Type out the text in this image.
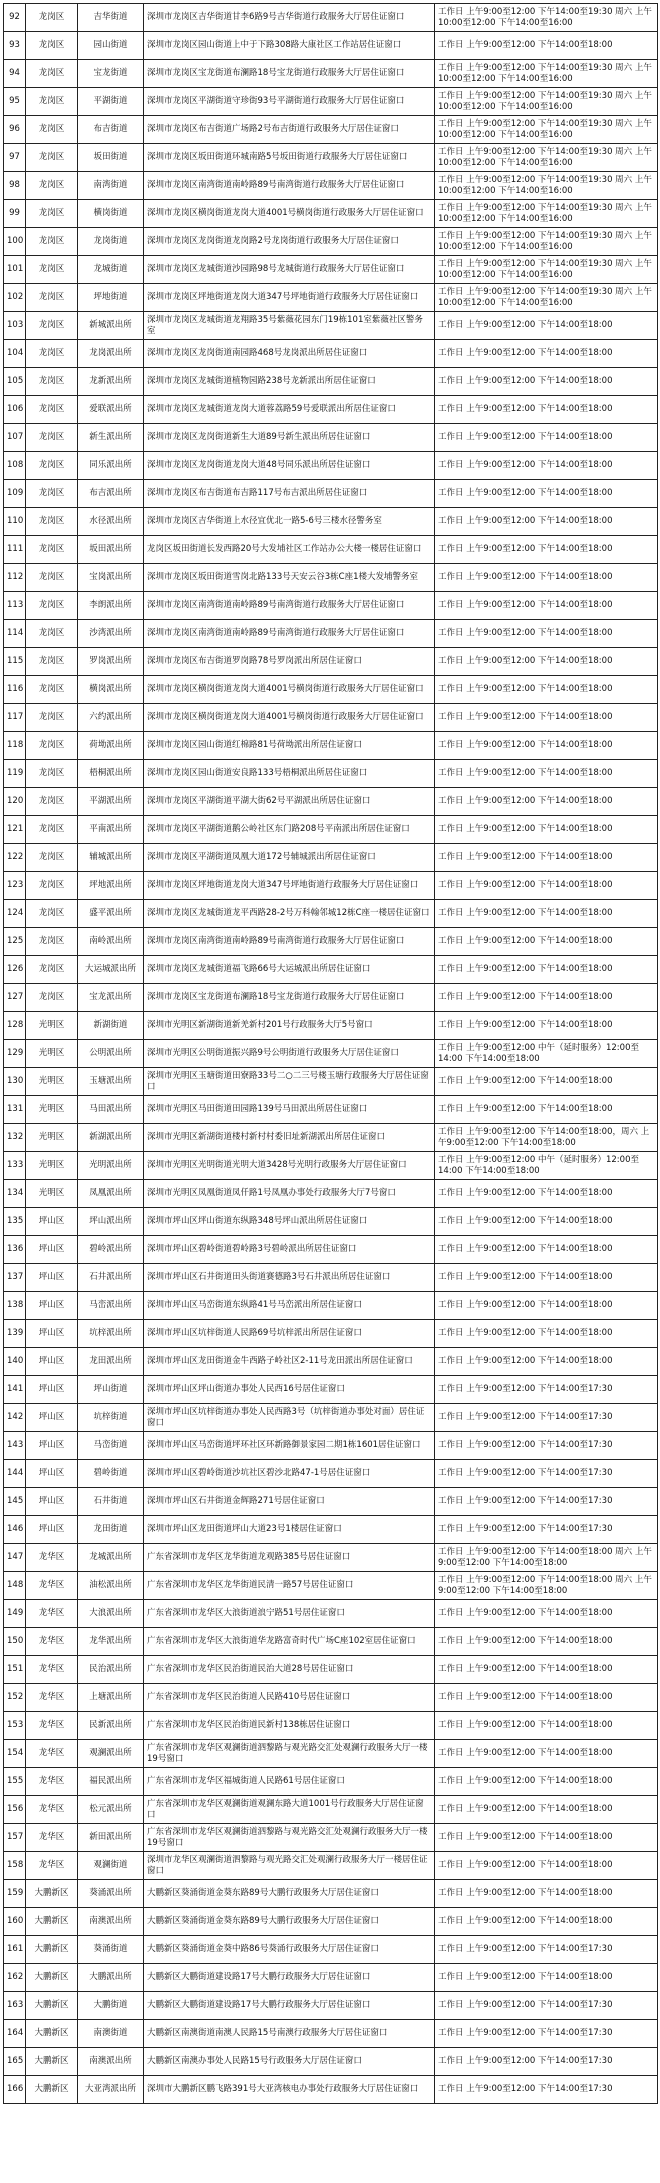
92	龙岗区	吉华街道	深圳市龙岗区吉华街道甘李6路9号吉华街道行政服务大厅居住证窗口	工作日 上午9:00至12:00 下午14:00至19:30 周六 上午10:00至12:00 下午14:00至16:00
93	龙岗区	园山街道	深圳市龙岗区园山街道上中于下路308路大康社区工作站居住证窗口	工作日 上午9:00至12:00 下午14:00至18:00
94	龙岗区	宝龙街道	深圳市龙岗区宝龙街道布澜路18号宝龙街道行政服务大厅居住证窗口	工作日 上午9:00至12:00 下午14:00至19:30 周六 上午10:00至12:00 下午14:00至16:00
95	龙岗区	平湖街道	深圳市龙岗区平湖街道守珍街93号平湖街道行政服务大厅居住证窗口	工作日 上午9:00至12:00 下午14:00至19:30 周六 上午10:00至12:00 下午14:00至16:00
96	龙岗区	布吉街道	深圳市龙岗区布吉街道广场路2号布吉街道行政服务大厅居住证窗口	工作日 上午9:00至12:00 下午14:00至19:30 周六 上午10:00至12:00 下午14:00至16:00
97	龙岗区	坂田街道	深圳市龙岗区坂田街道环城南路5号坂田街道行政服务大厅居住证窗口	工作日 上午9:00至12:00 下午14:00至19:30 周六 上午10:00至12:00 下午14:00至16:00
98	龙岗区	南湾街道	深圳市龙岗区南湾街道南岭路89号南湾街道行政服务大厅居住证窗口	工作日 上午9:00至12:00 下午14:00至19:30 周六 上午10:00至12:00 下午14:00至16:00
99	龙岗区	横岗街道	深圳市龙岗区横岗街道龙岗大道4001号横岗街道行政服务大厅居住证窗口	工作日 上午9:00至12:00 下午14:00至19:30 周六 上午10:00至12:00 下午14:00至16:00
100	龙岗区	龙岗街道	深圳市龙岗区龙岗街道龙岗路2号龙岗街道行政服务大厅居住证窗口	工作日 上午9:00至12:00 下午14:00至19:30 周六 上午10:00至12:00 下午14:00至16:00
101	龙岗区	龙城街道	深圳市龙岗区龙城街道沙园路98号龙城街道行政服务大厅居住证窗口	工作日 上午9:00至12:00 下午14:00至19:30 周六 上午10:00至12:00 下午14:00至16:00
102	龙岗区	坪地街道	深圳市龙岗区坪地街道龙岗大道347号坪地街道行政服务大厅居住证窗口	工作日 上午9:00至12:00 下午14:00至19:30 周六 上午10:00至12:00 下午14:00至16:00
103	龙岗区	新城派出所	深圳市龙岗区龙城街道龙翔路35号紫薇花园东门19栋101室紫薇社区警务室	工作日 上午9:00至12:00 下午14:00至18:00
104	龙岗区	龙岗派出所	深圳市龙岗区龙岗街道南园路468号龙岗派出所居住证窗口	工作日 上午9:00至12:00 下午14:00至18:00
105	龙岗区	龙新派出所	深圳市龙岗区龙城街道植物园路238号龙新派出所居住证窗口	工作日 上午9:00至12:00 下午14:00至18:00
106	龙岗区	爱联派出所	深圳市龙岗区龙城街道龙岗大道蓉荔路59号爱联派出所居住证窗口	工作日 上午9:00至12:00 下午14:00至18:00
107	龙岗区	新生派出所	深圳市龙岗区龙岗街道新生大道89号新生派出所居住证窗口	工作日 上午9:00至12:00 下午14:00至18:00
108	龙岗区	同乐派出所	深圳市龙岗区龙岗街道龙岗大道48号同乐派出所居住证窗口	工作日 上午9:00至12:00 下午14:00至18:00
109	龙岗区	布吉派出所	深圳市龙岗区布吉街道布吉路117号布吉派出所居住证窗口	工作日 上午9:00至12:00 下午14:00至18:00
110	龙岗区	水径派出所	深圳市龙岗区吉华街道上水径宜优北一路5-6号三楼水径警务室	工作日 上午9:00至12:00 下午14:00至18:00
111	龙岗区	坂田派出所	龙岗区坂田街道长发西路20号大发埔社区工作站办公大楼一楼居住证窗口	工作日 上午9:00至12:00 下午14:00至18:00
112	龙岗区	宝岗派出所	深圳市龙岗区坂田街道雪岗北路133号天安云谷3栋C座1楼大发埔警务室	工作日 上午9:00至12:00 下午14:00至18:00
113	龙岗区	李朗派出所	深圳市龙岗区南湾街道南岭路89号南湾街道行政服务大厅居住证窗口	工作日 上午9:00至12:00 下午14:00至18:00
114	龙岗区	沙湾派出所	深圳市龙岗区南湾街道南岭路89号南湾街道行政服务大厅居住证窗口	工作日 上午9:00至12:00 下午14:00至18:00
115	龙岗区	罗岗派出所	深圳市龙岗区布吉街道罗岗路78号罗岗派出所居住证窗口	工作日 上午9:00至12:00 下午14:00至18:00
116	龙岗区	横岗派出所	深圳市龙岗区横岗街道龙岗大道4001号横岗街道行政服务大厅居住证窗口	工作日 上午9:00至12:00 下午14:00至18:00
117	龙岗区	六约派出所	深圳市龙岗区横岗街道龙岗大道4001号横岗街道行政服务大厅居住证窗口	工作日 上午9:00至12:00 下午14:00至18:00
118	龙岗区	荷坳派出所	深圳市龙岗区园山街道红棉路81号荷坳派出所居住证窗口	工作日 上午9:00至12:00 下午14:00至18:00
119	龙岗区	梧桐派出所	深圳市龙岗区园山街道安良路133号梧桐派出所居住证窗口	工作日 上午9:00至12:00 下午14:00至18:00
120	龙岗区	平湖派出所	深圳市龙岗区平湖街道平湖大街62号平湖派出所居住证窗口	工作日 上午9:00至12:00 下午14:00至18:00
121	龙岗区	平南派出所	深圳市龙岗区平湖街道鹅公岭社区东门路208号平南派出所居住证窗口	工作日 上午9:00至12:00 下午14:00至18:00
122	龙岗区	辅城派出所	深圳市龙岗区平湖街道凤凰大道172号辅城派出所居住证窗口	工作日 上午9:00至12:00 下午14:00至18:00
123	龙岗区	坪地派出所	深圳市龙岗区坪地街道龙岗大道347号坪地街道行政服务大厅居住证窗口	工作日 上午9:00至12:00 下午14:00至18:00
124	龙岗区	盛平派出所	深圳市龙岗区龙城街道龙平西路28-2号万科翰邻城12栋C座一楼居住证窗口	工作日 上午9:00至12:00 下午14:00至18:00
125	龙岗区	南岭派出所	深圳市龙岗区南湾街道南岭路89号南湾街道行政服务大厅居住证窗口	工作日 上午9:00至12:00 下午14:00至18:00
126	龙岗区	大运城派出所	深圳市龙岗区龙城街道福飞路66号大运城派出所居住证窗口	工作日 上午9:00至12:00 下午14:00至18:00
127	龙岗区	宝龙派出所	深圳市龙岗区宝龙街道布澜路18号宝龙街道行政服务大厅居住证窗口	工作日 上午9:00至12:00 下午14:00至18:00
128	光明区	新湖街道	深圳市光明区新湖街道新羌新村201号行政服务大厅5号窗口	工作日 上午9:00至12:00 下午14:00至18:00
129	光明区	公明派出所	深圳市光明区公明街道振兴路9号公明街道行政服务大厅居住证窗口	工作日 上午9:00至12:00 中午（延时服务）12:00至14:00 下午14:00至18:00
130	光明区	玉塘派出所	深圳市光明区玉塘街道田寮路33号二○二三号楼玉塘行政服务大厅居住证窗口	工作日 上午9:00至12:00 下午14:00至18:00
131	光明区	马田派出所	深圳市光明区马田街道田园路139号马田派出所居住证窗口	工作日 上午9:00至12:00 下午14:00至18:00
132	光明区	新湖派出所	深圳市光明区新湖街道楼村新村村委旧址新湖派出所居住证窗口	工作日 上午9:00至12:00 下午14:00至18:00，周六 上午9:00至12:00 下午14:00至18:00
133	光明区	光明派出所	深圳市光明区光明街道光明大道3428号光明行政服务大厅居住证窗口	工作日 上午9:00至12:00 中午（延时服务）12:00至14:00 下午14:00至18:00
134	光明区	凤凰派出所	深圳市光明区凤凰街道凤仟路1号凤凰办事处行政服务大厅7号窗口	工作日 上午9:00至12:00 下午14:00至18:00
135	坪山区	坪山派出所	深圳市坪山区坪山街道东纵路348号坪山派出所居住证窗口	工作日 上午9:00至12:00 下午14:00至18:00
136	坪山区	碧岭派出所	深圳市坪山区碧岭街道碧岭路3号碧岭派出所居住证窗口	工作日 上午9:00至12:00 下午14:00至18:00
137	坪山区	石井派出所	深圳市坪山区石井街道田头街道赛德路3号石井派出所居住证窗口	工作日 上午9:00至12:00 下午14:00至18:00
138	坪山区	马峦派出所	深圳市坪山区马峦街道东纵路41号马峦派出所居住证窗口	工作日 上午9:00至12:00 下午14:00至18:00
139	坪山区	坑梓派出所	深圳市坪山区坑梓街道人民路69号坑梓派出所居住证窗口	工作日 上午9:00至12:00 下午14:00至18:00
140	坪山区	龙田派出所	深圳市坪山区龙田街道金牛西路子岭社区2-11号龙田派出所居住证窗口	工作日 上午9:00至12:00 下午14:00至18:00
141	坪山区	坪山街道	深圳市坪山区坪山街道办事处人民西16号居住证窗口	工作日 上午9:00至12:00 下午14:00至17:30
142	坪山区	坑梓街道	深圳市坪山区坑梓街道办事处人民西路3号（坑梓街道办事处对面）居住证窗口	工作日 上午9:00至12:00 下午14:00至17:30
143	坪山区	马峦街道	深圳市坪山区马峦街道坪环社区环新路御景家园二期1栋1601居住证窗口	工作日 上午9:00至12:00 下午14:00至17:30
144	坪山区	碧岭街道	深圳市坪山区碧岭街道沙坑社区碧沙北路47-1号居住证窗口	工作日 上午9:00至12:00 下午14:00至17:30
145	坪山区	石井街道	深圳市坪山区石井街道金辉路271号居住证窗口	工作日 上午9:00至12:00 下午14:00至17:30
146	坪山区	龙田街道	深圳市坪山区龙田街道坪山大道23号1楼居住证窗口	工作日 上午9:00至12:00 下午14:00至17:30
147	龙华区	龙城派出所	广东省深圳市龙华区龙华街道龙观路385号居住证窗口	工作日 上午9:00至12:00 下午14:00至18:00 周六 上午9:00至12:00 下午14:00至18:00
148	龙华区	油松派出所	广东省深圳市龙华区龙华街道民清一路57号居住证窗口	工作日 上午9:00至12:00 下午14:00至18:00 周六 上午9:00至12:00 下午14:00至18:00
149	龙华区	大浪派出所	广东省深圳市龙华区大浪街道浪宁路51号居住证窗口	工作日 上午9:00至12:00 下午14:00至18:00
150	龙华区	龙华派出所	广东省深圳市龙华区大浪街道华龙路富奇时代广场C座102室居住证窗口	工作日 上午9:00至12:00 下午14:00至18:00
151	龙华区	民治派出所	广东省深圳市龙华区民治街道民治大道28号居住证窗口	工作日 上午9:00至12:00 下午14:00至18:00
152	龙华区	上塘派出所	广东省深圳市龙华区民治街道人民路410号居住证窗口	工作日 上午9:00至12:00 下午14:00至18:00
153	龙华区	民新派出所	广东省深圳市龙华区民治街道民新村138栋居住证窗口	工作日 上午9:00至12:00 下午14:00至18:00
154	龙华区	观澜派出所	广东省深圳市龙华区观澜街道泗黎路与观光路交汇处观澜行政服务大厅一楼19号窗口	工作日 上午9:00至12:00 下午14:00至18:00
155	龙华区	福民派出所	广东省深圳市龙华区福城街道人民路61号居住证窗口	工作日 上午9:00至12:00 下午14:00至18:00
156	龙华区	松元派出所	广东省深圳市龙华区观澜街道观澜东路大道1001号行政服务大厅居住证窗口	工作日 上午9:00至12:00 下午14:00至18:00
157	龙华区	新田派出所	广东省深圳市龙华区观澜街道泗黎路与观光路交汇处观澜行政服务大厅一楼19号窗口	工作日 上午9:00至12:00 下午14:00至18:00
158	龙华区	观澜街道	深圳市龙华区观澜街道泗黎路与观光路交汇处观澜行政服务大厅一楼居住证窗口	工作日 上午9:00至12:00 下午14:00至18:00
159	大鹏新区	葵涌派出所	大鹏新区葵涌街道金葵东路89号大鹏行政服务大厅居住证窗口	工作日 上午9:00至12:00 下午14:00至18:00
160	大鹏新区	南澳派出所	大鹏新区葵涌街道金葵东路89号大鹏行政服务大厅居住证窗口	工作日 上午9:00至12:00 下午14:00至18:00
161	大鹏新区	葵涌街道	大鹏新区葵涌街道金葵中路86号葵涌行政服务大厅居住证窗口	工作日 上午9:00至12:00 下午14:00至17:30
162	大鹏新区	大鹏派出所	大鹏新区大鹏街道建设路17号大鹏行政服务大厅居住证窗口	工作日 上午9:00至12:00 下午14:00至18:00
163	大鹏新区	大鹏街道	大鹏新区大鹏街道建设路17号大鹏行政服务大厅居住证窗口	工作日 上午9:00至12:00 下午14:00至17:30
164	大鹏新区	南澳街道	大鹏新区南澳街道南澳人民路15号南澳行政服务大厅居住证窗口	工作日 上午9:00至12:00 下午14:00至17:30
165	大鹏新区	南澳派出所	大鹏新区南澳办事处人民路15号行政服务大厅居住证窗口	工作日 上午9:00至12:00 下午14:00至17:30
166	大鹏新区	大亚湾派出所	深圳市大鹏新区鹏飞路391号大亚湾核电办事处行政服务大厅居住证窗口	工作日 上午9:00至12:00 下午14:00至17:30
